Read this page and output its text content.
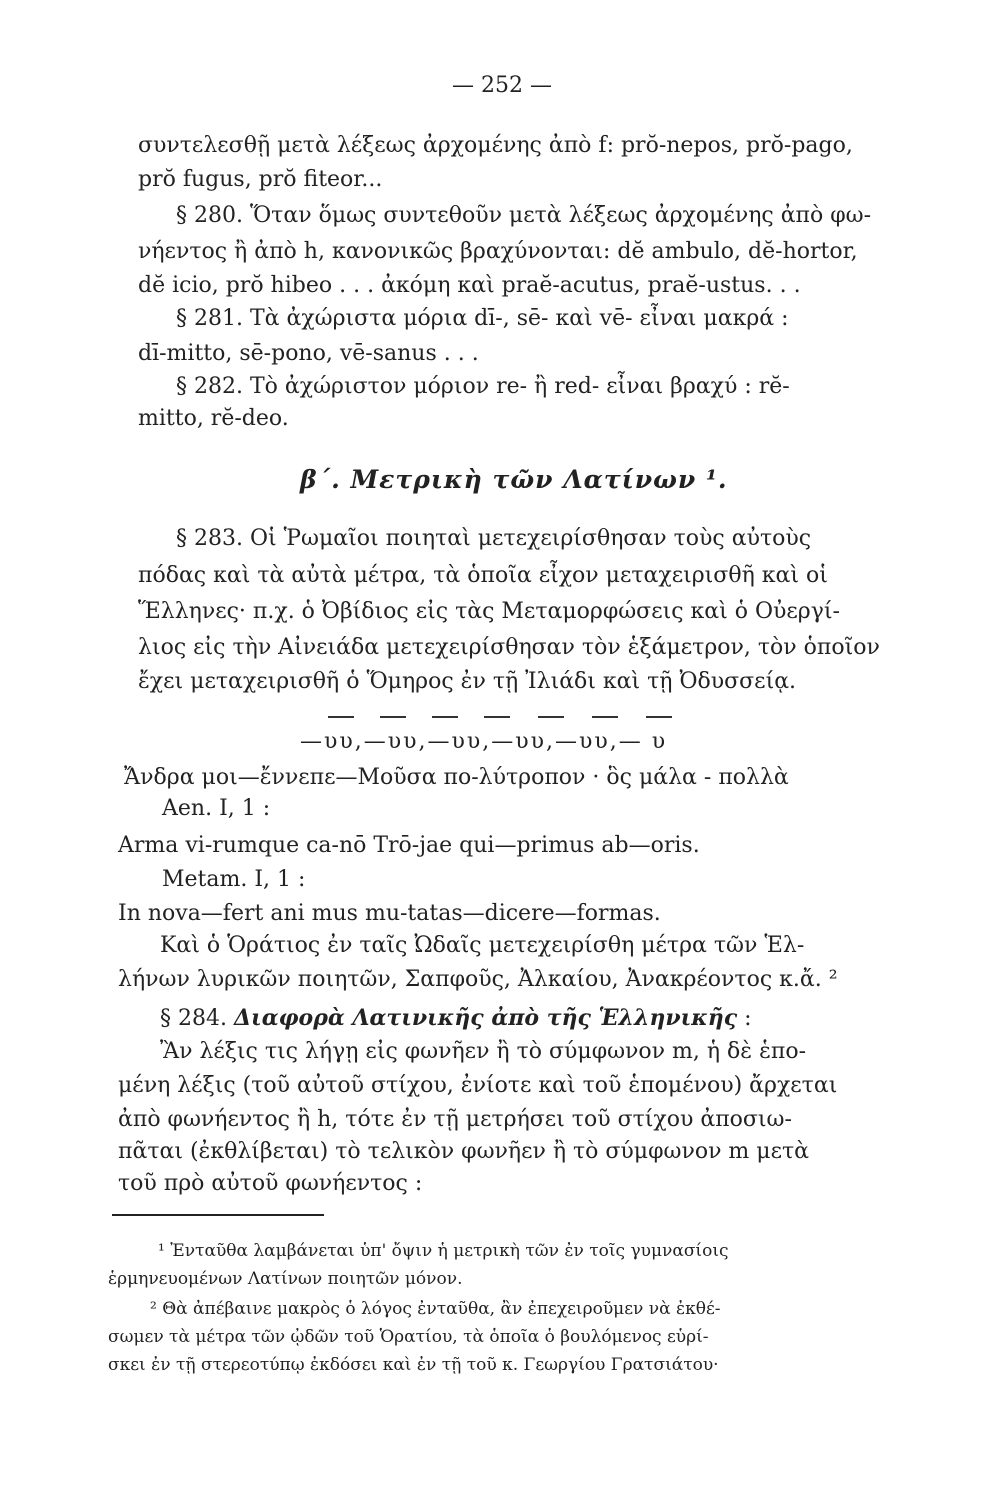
— 252 —
συντελεσθῇ μετὰ λέξεως ἀρχομένης ἀπὸ f: prŏ-nepos, prŏ-pago,
prŏ fugus, prŏ fiteor...
§ 280. Ὅταν ὅμως συντεθοῦν μετὰ λέξεως ἀρχομένης ἀπὸ φω-
νήεντος ἢ ἀπὸ h, κανονικῶς βραχύνονται: dĕ ambulo, dĕ-hortor,
dĕ icio, prŏ hibeo . . . ἀκόμη καὶ praĕ-acutus, praĕ-ustus. . .
§ 281. Τὰ ἀχώριστα μόρια dī-, sē- καὶ vē- εἶναι μακρά :
dī-mitto, sē-pono, vē-sanus . . .
§ 282. Τὸ ἀχώριστον μόριον re- ἢ red- εἶναι βραχύ : rĕ-
mitto, rĕ-deo.
β΄. Μετρικὴ τῶν Λατίνων ¹.
§ 283. Οἱ Ῥωμαῖοι ποιηταὶ μετεχειρίσθησαν τοὺς αὐτοὺς
πόδας καὶ τὰ αὐτὰ μέτρα, τὰ ὁποῖα εἶχον μεταχειρισθῆ καὶ οἱ
Ἕλληνες· π.χ. ὁ Ὀβίδιος εἰς τὰς Μεταμορφώσεις καὶ ὁ Οὐεργί-
λιος εἰς τὴν Αἰνειάδα μετεχειρίσθησαν τὸν ἑξάμετρον, τὸν ὁποῖον
ἔχει μεταχειρισθῆ ὁ Ὅμηρος ἐν τῇ Ἰλιάδι καὶ τῇ Ὀδυσσείᾳ.
—υυ,—υυ,—υυ,—υυ,—υυ,— υ
Ἄνδρα μοι—ἔννεπε—Μοῦσα πο-λύτροπον · ὃς μάλα - πολλὰ
Aen. I, 1 :
Arma vi-rumque ca-nō Trō-jae qui—primus ab—oris.
Metam. I, 1 :
In nova—fert ani mus mu-tatas—dicere—formas.
Καὶ ὁ Ὁράτιος ἐν ταῖς Ὠδαῖς μετεχειρίσθη μέτρα τῶν Ἑλ-
λήνων λυρικῶν ποιητῶν, Σαπφοῦς, Ἀλκαίου, Ἀνακρέοντος κ.ἄ. ²
§ 284. Διαφορὰ Λατινικῆς ἀπὸ τῆς Ἑλληνικῆς :
Ἂν λέξις τις λήγῃ εἰς φωνῆεν ἢ τὸ σύμφωνον m, ἡ δὲ ἑπο-
μένη λέξις (τοῦ αὐτοῦ στίχου, ἐνίοτε καὶ τοῦ ἑπομένου) ἄρχεται
ἀπὸ φωνήεντος ἢ h, τότε ἐν τῇ μετρήσει τοῦ στίχου ἀποσιω-
πᾶται (ἐκθλίβεται) τὸ τελικὸν φωνῆεν ἢ τὸ σύμφωνον m μετὰ
τοῦ πρὸ αὐτοῦ φωνήεντος :
¹ Ἐνταῦθα λαμβάνεται ὑπ' ὄψιν ἡ μετρικὴ τῶν ἐν τοῖς γυμνασίοις
ἑρμηνευομένων Λατίνων ποιητῶν μόνον.
² Θὰ ἀπέβαινε μακρὸς ὁ λόγος ἐνταῦθα, ἂν ἐπεχειροῦμεν νὰ ἐκθέ-
σωμεν τὰ μέτρα τῶν ᾠδῶν τοῦ Ὁρατίου, τὰ ὁποῖα ὁ βουλόμενος εὑρί-
σκει ἐν τῇ στερεοτύπῳ ἐκδόσει καὶ ἐν τῇ τοῦ κ. Γεωργίου Γρατσιάτου·
